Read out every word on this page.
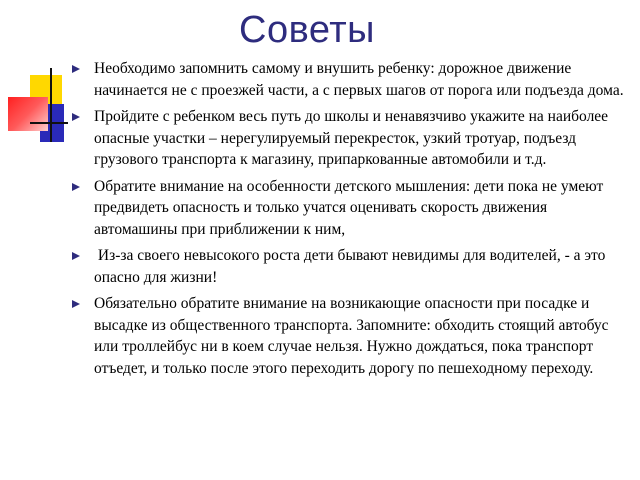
Советы
Необходимо запомнить самому и внушить ребенку: дорожное движение начинается не с проезжей части, а с первых шагов от порога или подъезда дома.
Пройдите с ребенком весь путь до школы и ненавязчиво укажите на наиболее опасные участки – нерегулируемый перекресток, узкий тротуар, подъезд грузового транспорта к магазину, припаркованные автомобили и т.д.
Обратите внимание на особенности детского мышления: дети пока не умеют предвидеть опасность и только учатся оценивать скорость движения автомашины при приближении к ним,
Из-за своего невысокого роста дети бывают невидимы для водителей, - а это опасно для жизни!
Обязательно обратите внимание на возникающие опасности при посадке и высадке из общественного транспорта. Запомните: обходить стоящий автобус или троллейбус ни в коем случае нельзя. Нужно дождаться, пока транспорт отъедет, и только после этого переходить дорогу по пешеходному переходу.
